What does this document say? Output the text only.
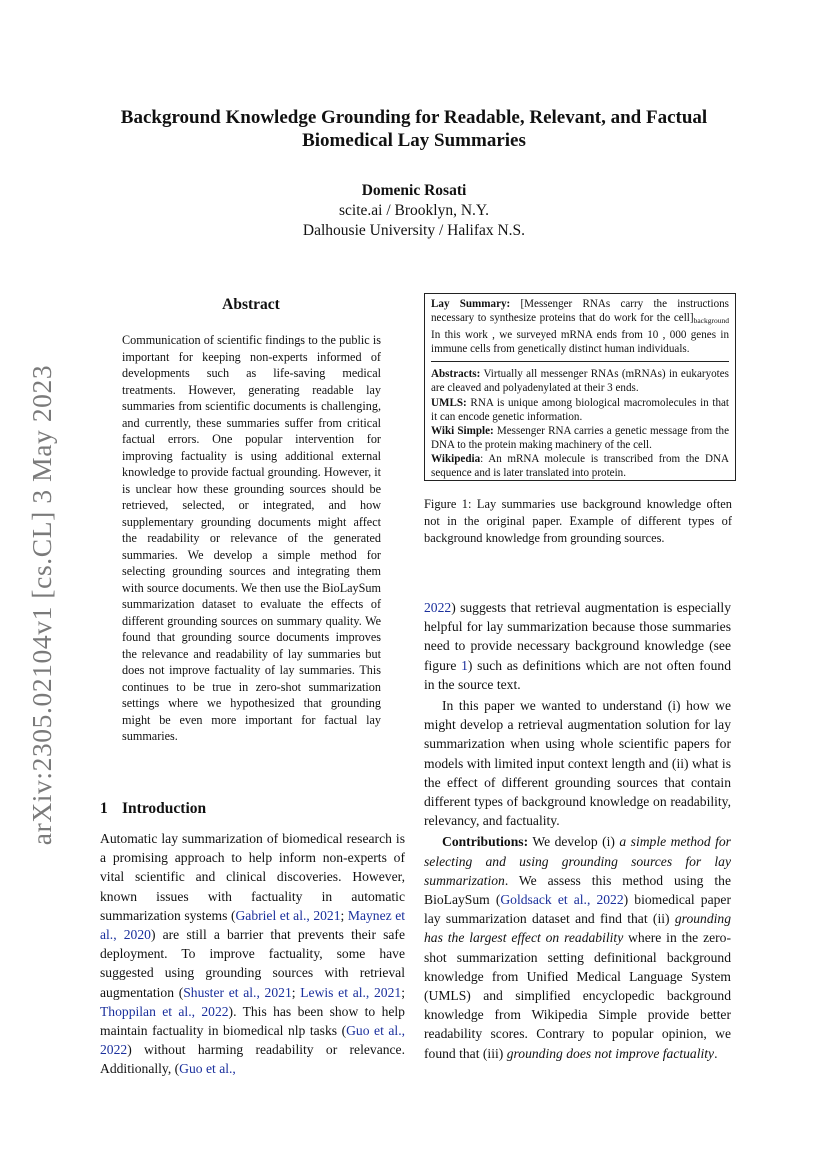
arXiv:2305.02104v1 [cs.CL] 3 May 2023
Background Knowledge Grounding for Readable, Relevant, and Factual Biomedical Lay Summaries
Domenic Rosati
scite.ai / Brooklyn, N.Y.
Dalhousie University / Halifax N.S.
Abstract
Communication of scientific findings to the public is important for keeping non-experts informed of developments such as life-saving medical treatments. However, generating readable lay summaries from scientific documents is challenging, and currently, these summaries suffer from critical factual errors. One popular intervention for improving factuality is using additional external knowledge to provide factual grounding. However, it is unclear how these grounding sources should be retrieved, selected, or integrated, and how supplementary grounding documents might affect the readability or relevance of the generated summaries. We develop a simple method for selecting grounding sources and integrating them with source documents. We then use the BioLaySum summarization dataset to evaluate the effects of different grounding sources on summary quality. We found that grounding source documents improves the relevance and readability of lay summaries but does not improve factuality of lay summaries. This continues to be true in zero-shot summarization settings where we hypothesized that grounding might be even more important for factual lay summaries.
1 Introduction
Automatic lay summarization of biomedical research is a promising approach to help inform non-experts of vital scientific and clinical discoveries. However, known issues with factuality in automatic summarization systems (Gabriel et al., 2021; Maynez et al., 2020) are still a barrier that prevents their safe deployment. To improve factuality, some have suggested using grounding sources with retrieval augmentation (Shuster et al., 2021; Lewis et al., 2021; Thoppilan et al., 2022). This has been show to help maintain factuality in biomedical nlp tasks (Guo et al., 2022) without harming readability or relevance. Additionally, (Guo et al.,
Lay Summary: [Messenger RNAs carry the instructions necessary to synthesize proteins that do work for the $cell]_{background}$ In this work , we surveyed mRNA ends from 10 , 000 genes in immune cells from genetically distinct human individuals.
Abstracts: Virtually all messenger RNAs (mRNAs) in eukaryotes are cleaved and polyadenylated at their 3 ends.
UMLS: RNA is unique among biological macromolecules in that it can encode genetic information.
Wiki Simple: Messenger RNA carries a genetic message from the DNA to the protein making machinery of the cell.
Wikipedia: An mRNA molecule is transcribed from the DNA sequence and is later translated into protein.
Figure 1: Lay summaries use background knowledge often not in the original paper. Example of different types of background knowledge from grounding sources.

2022) suggests that retrieval augmentation is especially helpful for lay summarization because those summaries need to provide necessary background knowledge (see figure 1) such as definitions which are not often found in the source text.

In this paper we wanted to understand (i) how we might develop a retrieval augmentation solution for lay summarization when using whole scientific papers for models with limited input context length and (ii) what is the effect of different grounding sources that contain different types of background knowledge on readability, relevancy, and factuality.

Contributions: We develop (i) a simple method for selecting and using grounding sources for lay summarization. We assess this method using the BioLaySum (Goldsack et al., 2022) biomedical paper lay summarization dataset and find that (ii) grounding has the largest effect on readability where in the zero-shot summarization setting definitional background knowledge from Unified Medical Language System (UMLS) and simplified encyclopedic background knowledge from Wikipedia Simple provide better readability scores. Contrary to popular opinion, we found that (iii) grounding does not improve factuality.
